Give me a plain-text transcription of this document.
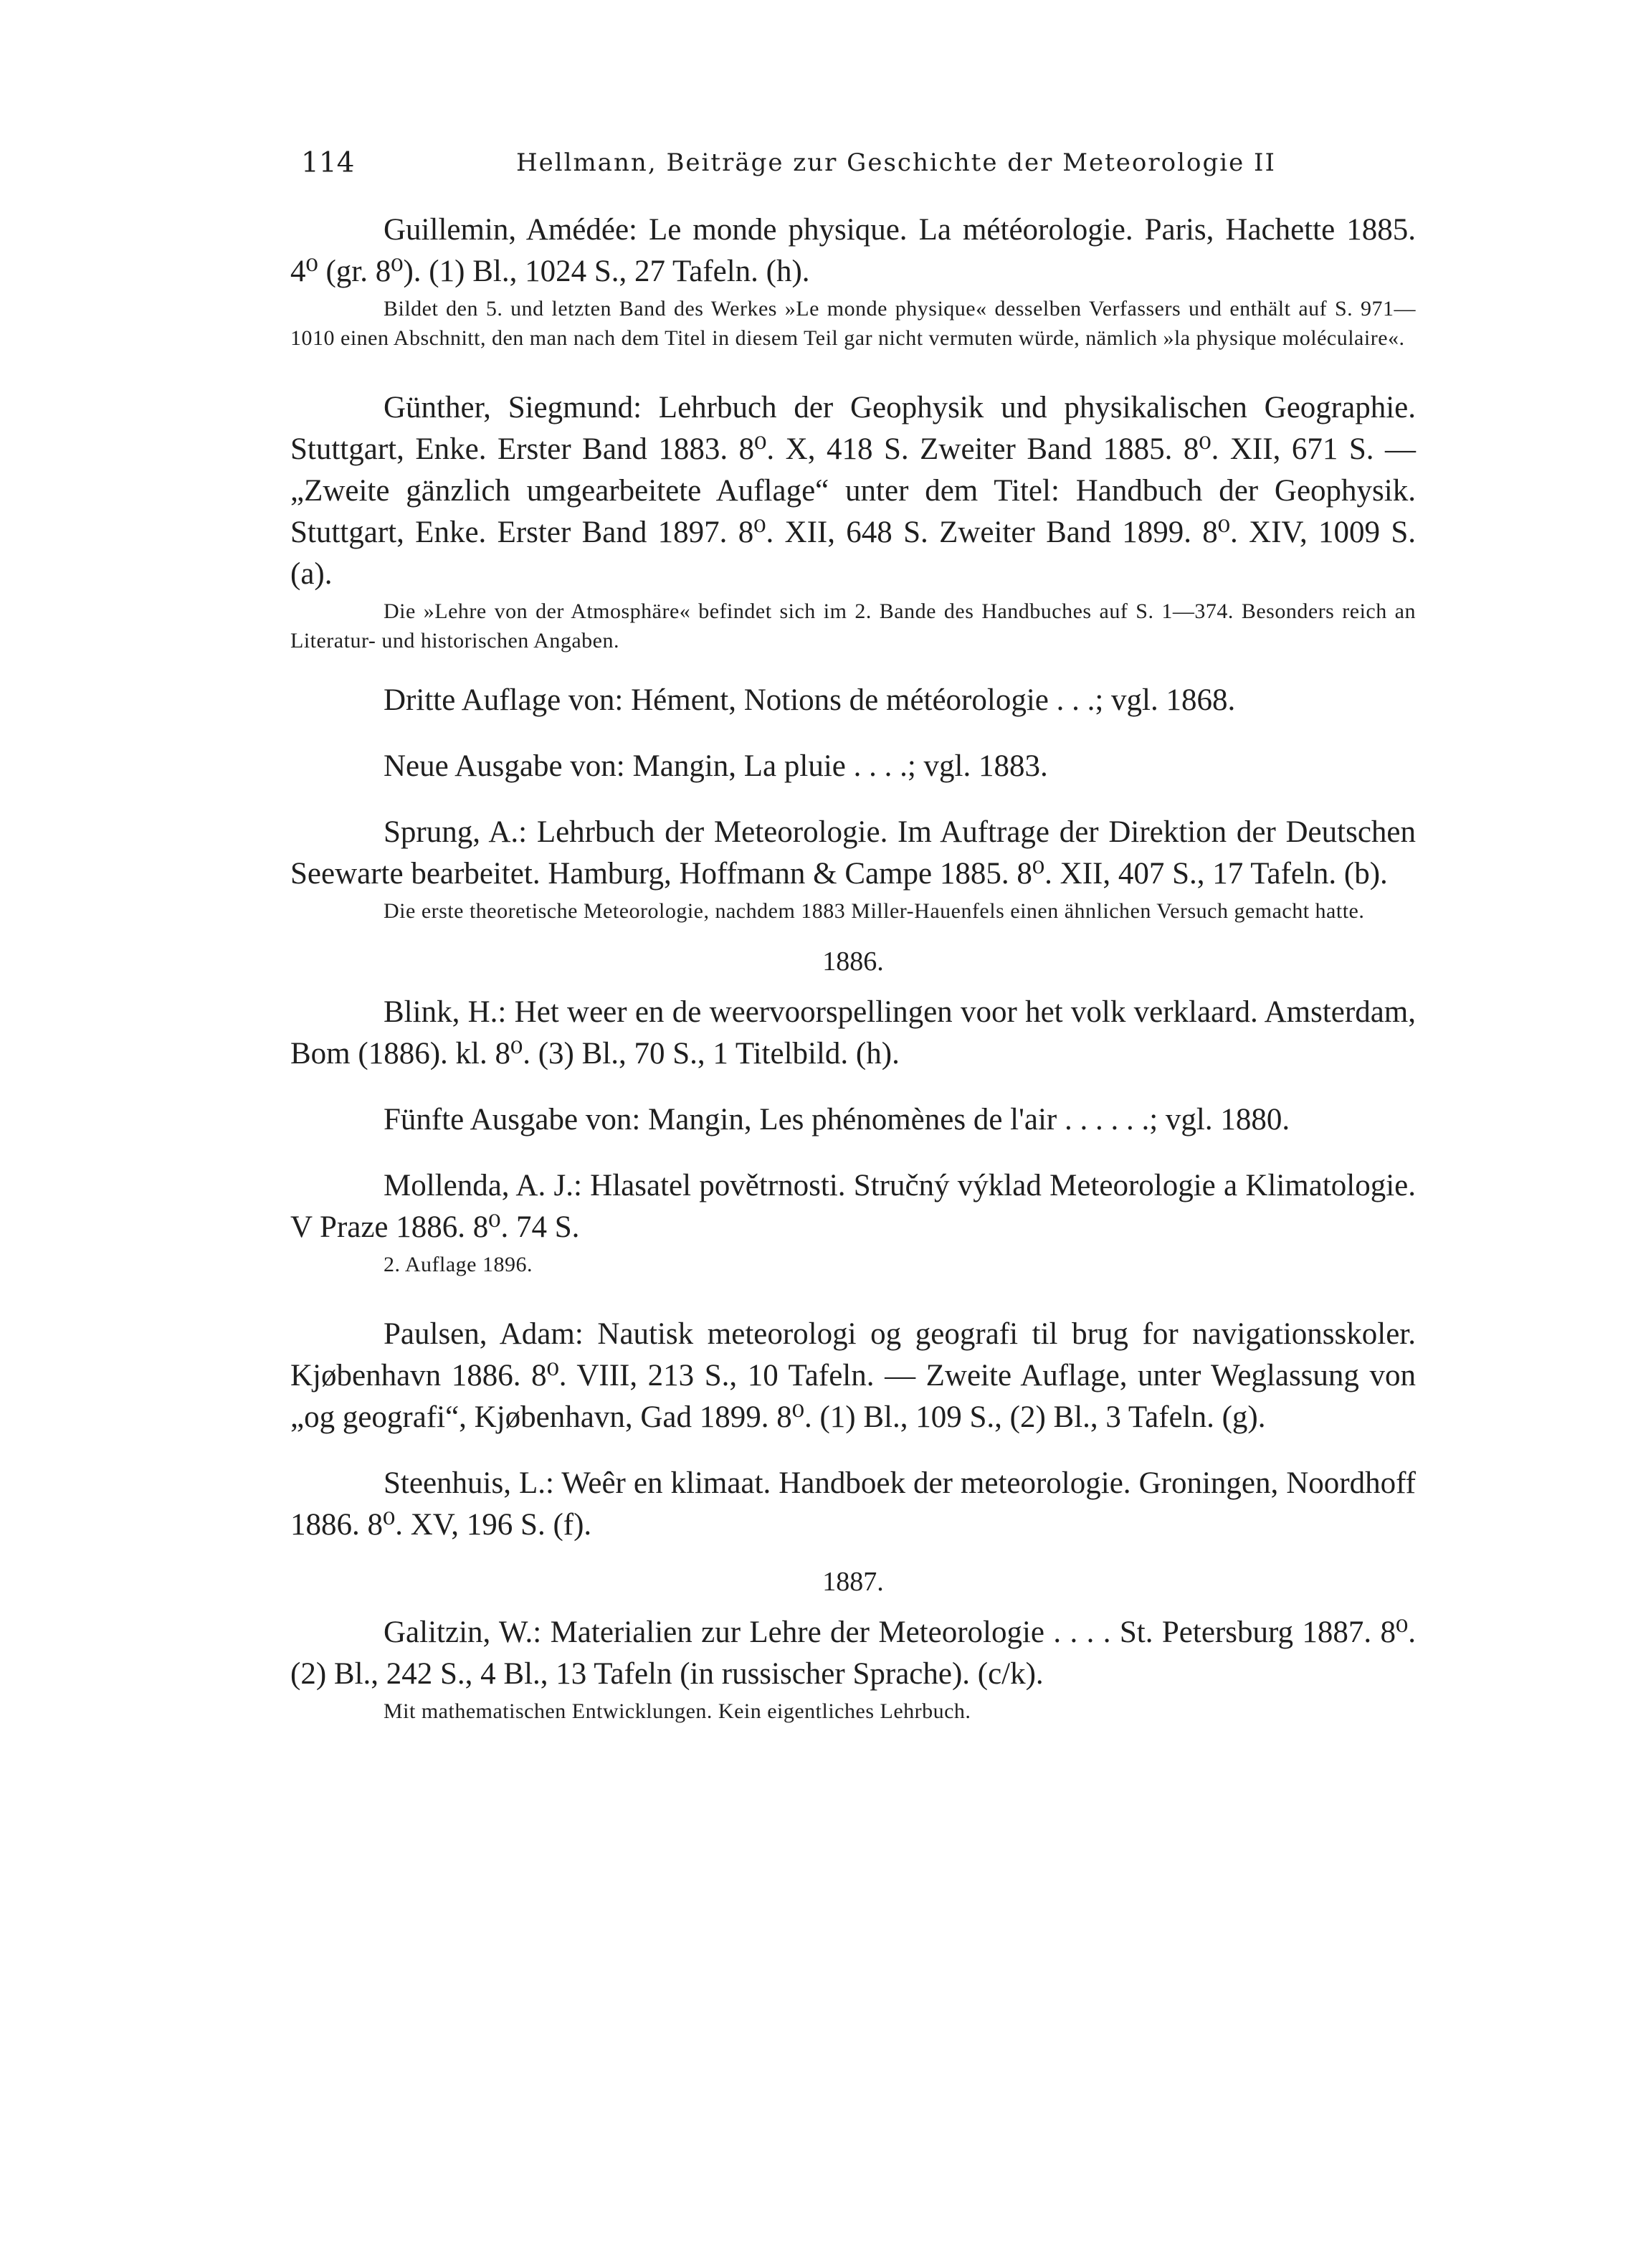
114	Hellmann, Beiträge zur Geschichte der Meteorologie II

Guillemin, Amédée: Le monde physique. La météorologie. Paris, Hachette 1885. 4⁰ (gr. 8⁰). (1) Bl., 1024 S., 27 Tafeln. (h).

Bildet den 5. und letzten Band des Werkes »Le monde physique« desselben Verfassers und enthält auf S. 971—1010 einen Abschnitt, den man nach dem Titel in diesem Teil gar nicht vermuten würde, nämlich »la physique moléculaire«.

Günther, Siegmund: Lehrbuch der Geophysik und physikalischen Geographie. Stuttgart, Enke. Erster Band 1883. 8⁰. X, 418 S. Zweiter Band 1885. 8⁰. XII, 671 S. — „Zweite gänzlich umgearbeitete Auflage“ unter dem Titel: Handbuch der Geophysik. Stuttgart, Enke. Erster Band 1897. 8⁰. XII, 648 S. Zweiter Band 1899. 8⁰. XIV, 1009 S. (a).

Die »Lehre von der Atmosphäre« befindet sich im 2. Bande des Handbuches auf S. 1—374. Besonders reich an Literatur- und historischen Angaben.

Dritte Auflage von: Hément, Notions de météorologie . . .; vgl. 1868.

Neue Ausgabe von: Mangin, La pluie . . . .; vgl. 1883.

Sprung, A.: Lehrbuch der Meteorologie. Im Auftrage der Direktion der Deutschen Seewarte bearbeitet. Hamburg, Hoffmann & Campe 1885. 8⁰. XII, 407 S., 17 Tafeln. (b).

Die erste theoretische Meteorologie, nachdem 1883 Miller-Hauenfels einen ähnlichen Versuch gemacht hatte.

1886.

Blink, H.: Het weer en de weervoorspellingen voor het volk verklaard. Amsterdam, Bom (1886). kl. 8⁰. (3) Bl., 70 S., 1 Titelbild. (h).

Fünfte Ausgabe von: Mangin, Les phénomènes de l'air . . . . . .; vgl. 1880.

Mollenda, A. J.: Hlasatel povětrnosti. Stručný výklad Meteorologie a Klimatologie. V Praze 1886. 8⁰. 74 S.

2. Auflage 1896.

Paulsen, Adam: Nautisk meteorologi og geografi til brug for navigationsskoler. Kjøbenhavn 1886. 8⁰. VIII, 213 S., 10 Tafeln. — Zweite Auflage, unter Weglassung von „og geografi“, Kjøbenhavn, Gad 1899. 8⁰. (1) Bl., 109 S., (2) Bl., 3 Tafeln. (g).

Steenhuis, L.: Weêr en klimaat. Handboek der meteorologie. Groningen, Noordhoff 1886. 8⁰. XV, 196 S. (f).

1887.

Galitzin, W.: Materialien zur Lehre der Meteorologie . . . . St. Petersburg 1887. 8⁰. (2) Bl., 242 S., 4 Bl., 13 Tafeln (in russischer Sprache). (c/k).

Mit mathematischen Entwicklungen. Kein eigentliches Lehrbuch.
